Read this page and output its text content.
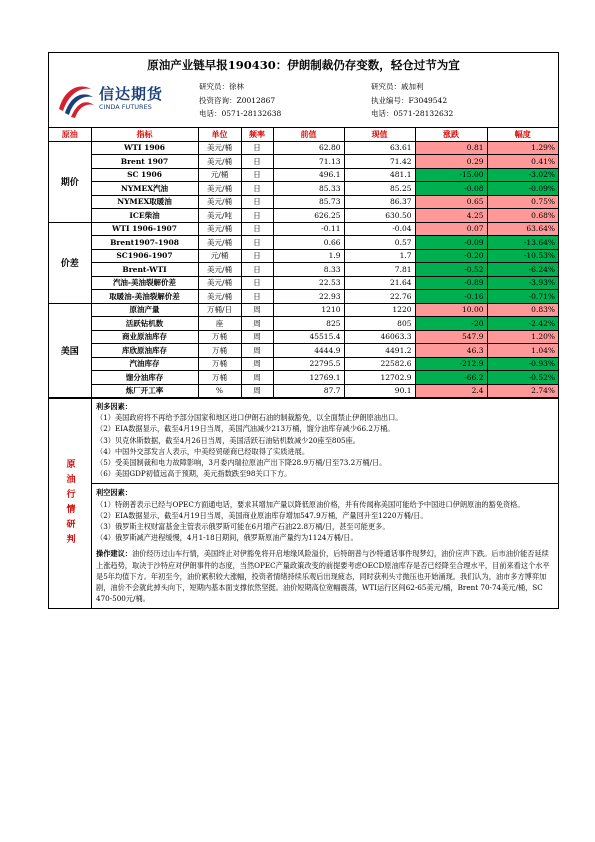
原油产业链早报190430：伊朗制裁仍存变数，轻仓过节为宜
信达期货
CINDA FUTURES
研究员：徐林
投资咨询：Z0012867
电话：0571-28132638
研究员：戚加利
执业编号：F3049542
电话：0571-28132632
原油	指标	单位	频率	前值	现值	涨跌	幅度
期价	WTI 1906	美元/桶	日	62.80	63.61	0.81	1.29%
	Brent 1907	美元/桶	日	71.13	71.42	0.29	0.41%
	SC 1906	元/桶	日	496.1	481.1	-15.00	-3.02%
	NYMEX汽油	美元/桶	日	85.33	85.25	-0.08	-0.09%
	NYMEX取暖油	美元/桶	日	85.73	86.37	0.65	0.75%
	ICE柴油	美元/吨	日	626.25	630.50	4.25	0.68%
价差	WTI 1906-1907	美元/桶	日	-0.11	-0.04	0.07	63.64%
	Brent1907-1908	美元/桶	日	0.66	0.57	-0.09	-13.64%
	SC1906-1907	元/桶	日	1.9	1.7	-0.20	-10.53%
	Brent-WTI	美元/桶	日	8.33	7.81	-0.52	-6.24%
	汽油-美油裂解价差	美元/桶	日	22.53	21.64	-0.89	-3.93%
	取暖油-美油裂解价差	美元/桶	日	22.93	22.76	-0.16	-0.71%
美国	原油产量	万桶/日	周	1210	1220	10.00	0.83%
	活跃钻机数	座	周	825	805	-20	-2.42%
	商业原油库存	万桶	周	45515.4	46063.3	547.9	1.20%
	库欣原油库存	万桶	周	4444.9	4491.2	46.3	1.04%
	汽油库存	万桶	周	22795.5	22582.6	-212.9	-0.93%
	馏分油库存	万桶	周	12769.1	12702.9	-66.2	-0.52%
	炼厂开工率	%	周	87.7	90.1	2.4	2.74%
原油行情研判

利多因素：

（1）美国政府将不再给予部分国家和地区进口伊朗石油的制裁豁免，以全面禁止伊朗原油出口。

（2）EIA数据显示，截至4月19日当周，美国汽油减少213万桶，馏分油库存减少66.2万桶。

（3）贝克休斯数据，截至4月26日当周，美国活跃石油钻机数减少20座至805座。

（4）中国外交部发言人表示，中美经贸磋商已经取得了实质进展。

（5）受美国制裁和电力故障影响，3月委内瑞拉原油产出下降28.9万桶/日至73.2万桶/日。

（6）美国GDP初值远高于预期，美元指数跌至98关口下方。

利空因素：

（1）特朗普表示已经与OPEC方面通电话，要求其增加产量以降低原油价格，并有传闻称美国可能给予中国进口伊朗原油的豁免资格。

（2）EIA数据显示，截至4月19日当周，美国商业原油库存增加547.9万桶，产量回升至1220万桶/日。

（3）俄罗斯主权财富基金主管表示俄罗斯可能在6月增产石油22.8万桶/日，甚至可能更多。

（4）俄罗斯减产进程缓慢，4月1-18日期间，俄罗斯原油产量约为1124万桶/日。

操作建议：油价经历过山车行情，美国终止对伊豁免将开启地缘风险溢价，后特朗普与沙特通话事件现梦幻，油价应声下跌。后市油价能否延续上涨趋势，取决于沙特应对伊朗事件的态度，当然OPEC产量政策改变的前提要考虑OECD原油库存是否已经降至合理水平，目前来看这个水平是5年均值下方。年初至今，油价累积较大涨幅，投资者情绪持续乐观后出现疲态，同时获利头寸抛压也开始涌现。我们认为，油市多方博弈加剧，油价不会就此掉头向下，短期内基本面支撑依然坚挺。油价短期高位宽幅震荡，WTI运行区间62-65美元/桶，Brent 70-74美元/桶，SC 470-500元/桶。
